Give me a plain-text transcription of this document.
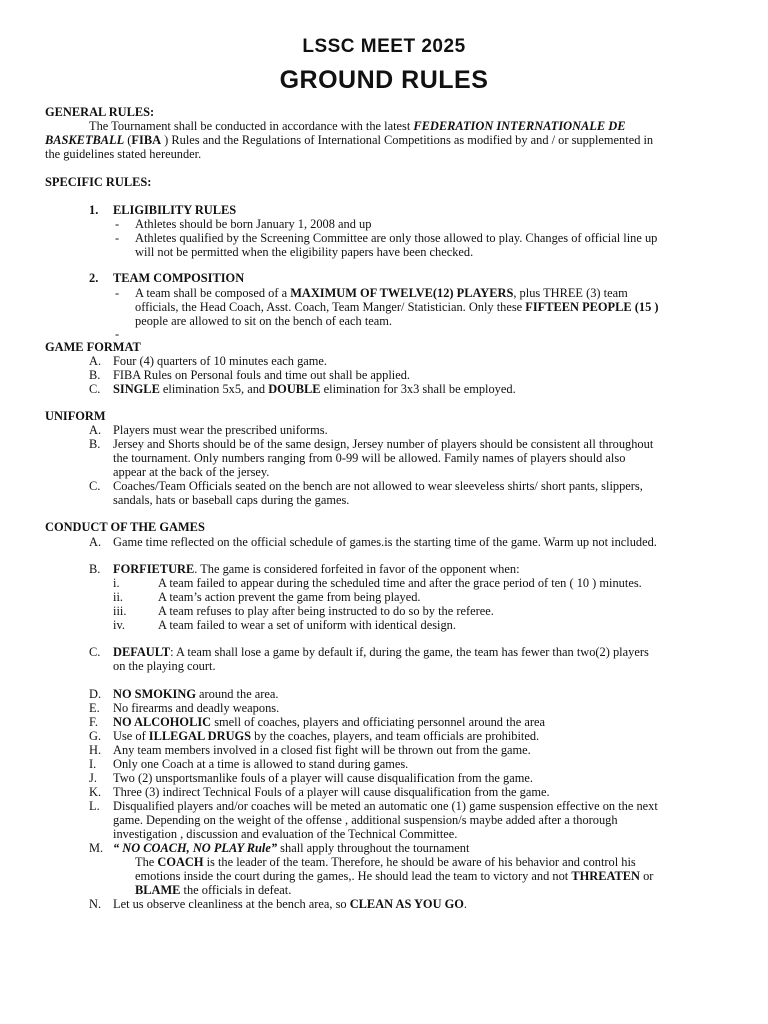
LSSC MEET 2025
GROUND RULES

GENERAL RULES:

The Tournament shall be conducted in accordance with the latest FEDERATION INTERNATIONALE DE

BASKETBALL (FIBA ) Rules and the Regulations of International Competitions as modified by and / or supplemented in

the guidelines stated hereunder.

SPECIFIC RULES:

1. ELIGIBILITY RULES

- Athletes should be born January 1, 2008 and up

- Athletes qualified by the Screening Committee are only those allowed to play. Changes of official line up

will not be permitted when the eligibility papers have been checked.

2. TEAM COMPOSITION

- A team shall be composed of a MAXIMUM OF TWELVE(12) PLAYERS, plus THREE (3) team

officials, the Head Coach, Asst. Coach, Team Manger/ Statistician. Only these FIFTEEN PEOPLE (15 )

people are allowed to sit on the bench of each team.

-

GAME FORMAT

A. Four (4) quarters of 10 minutes each game.

B. FIBA Rules on Personal fouls and time out shall be applied.

C. SINGLE elimination 5x5, and DOUBLE elimination for 3x3 shall be employed.

UNIFORM

A. Players must wear the prescribed uniforms.

B. Jersey and Shorts should be of the same design, Jersey number of players should be consistent all throughout

the tournament. Only numbers ranging from 0-99 will be allowed. Family names of players should also

appear at the back of the jersey.

C. Coaches/Team Officials seated on the bench are not allowed to wear sleeveless shirts/ short pants, slippers,

sandals, hats or baseball caps during the games.

CONDUCT OF THE GAMES

A. Game time reflected on the official schedule of games.is the starting time of the game. Warm up not included.

B. FORFIETURE. The game is considered forfeited in favor of the opponent when:

i.	A team failed to appear during the scheduled time and after the grace period of ten ( 10 ) minutes.

ii.	A team’s action prevent the game from being played.

iii.	A team refuses to play after being instructed to do so by the referee.

iv.	A team failed to wear a set of uniform with identical design.

C. DEFAULT: A team shall lose a game by default if, during the game, the team has fewer than two(2) players

on the playing court.

D. NO SMOKING around the area.

E. No firearms and deadly weapons.

F. NO ALCOHOLIC smell of coaches, players and officiating personnel around the area

G. Use of ILLEGAL DRUGS by the coaches, players, and team officials are prohibited.

H. Any team members involved in a closed fist fight will be thrown out from the game.

I. Only one Coach at a time is allowed to stand during games.

J. Two (2) unsportsmanlike fouls of a player will cause disqualification from the game.

K. Three (3) indirect Technical Fouls of a player will cause disqualification from the game.

L. Disqualified players and/or coaches will be meted an automatic one (1) game suspension effective on the next

game. Depending on the weight of the offense , additional suspension/s maybe added after a thorough

investigation , discussion and evaluation of the Technical Committee.

M. “ NO COACH, NO PLAY Rule” shall apply throughout the tournament

The COACH is the leader of the team. Therefore, he should be aware of his behavior and control his

emotions inside the court during the games,. He should lead the team to victory and not THREATEN or

BLAME the officials in defeat.

N. Let us observe cleanliness at the bench area, so CLEAN AS YOU GO.
